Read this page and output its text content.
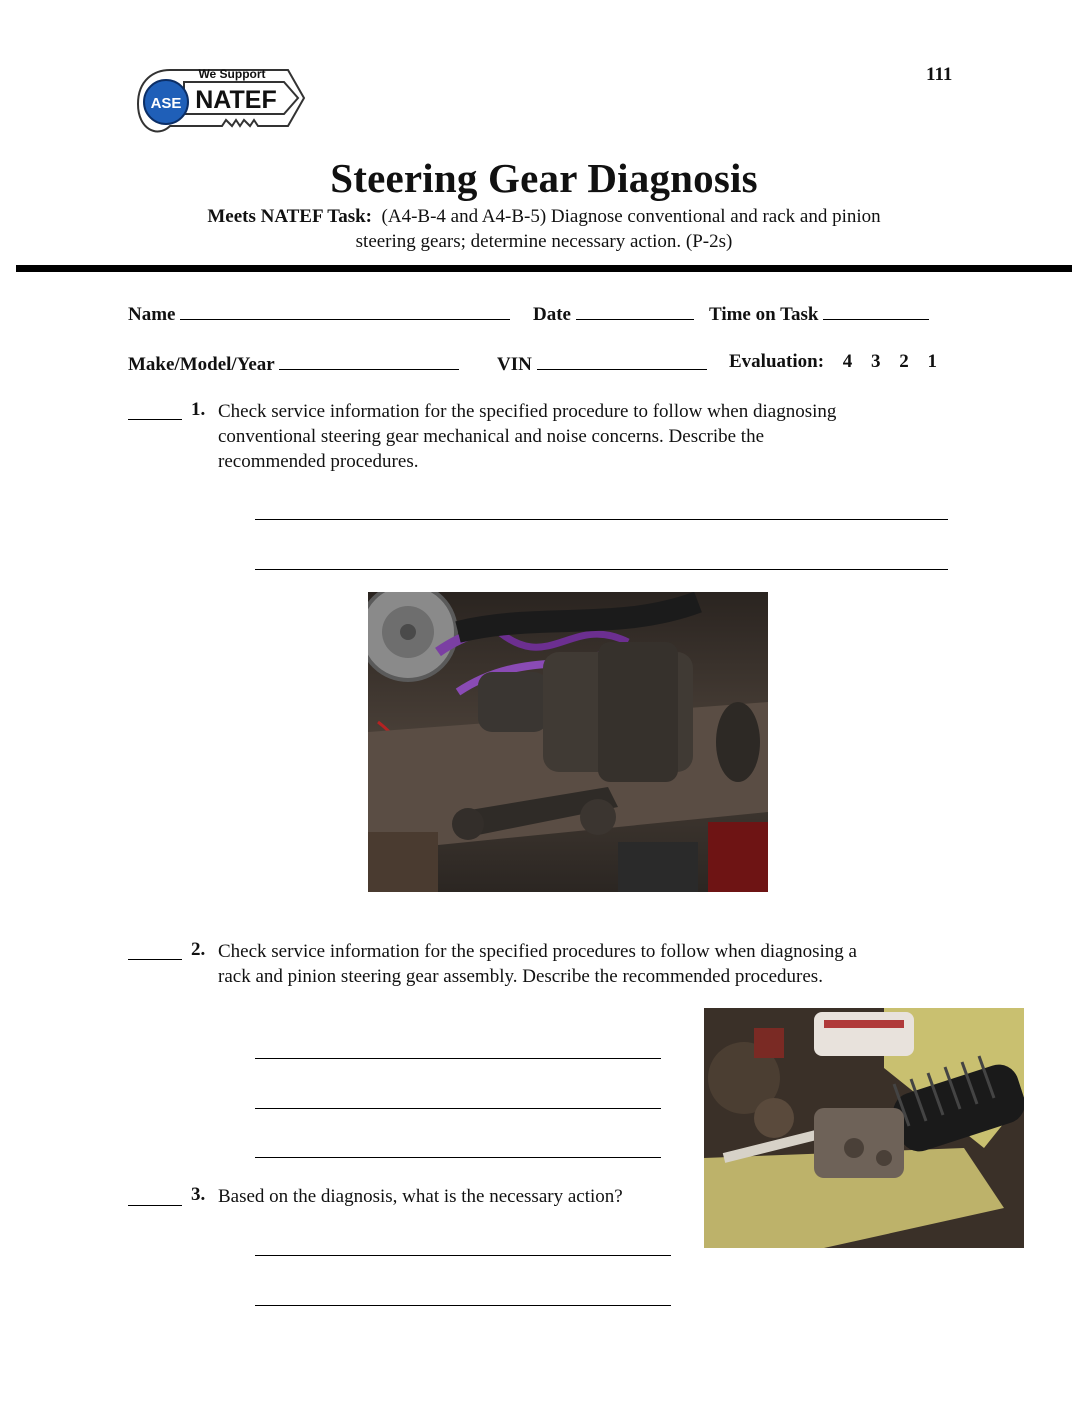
111
ASE
We Support
NATEF
Steering Gear Diagnosis
Meets NATEF Task: (A4-B-4 and A4-B-5) Diagnose conventional and rack and pinion
steering gears; determine necessary action. (P-2s)
Name	Date	Time on Task
Make/Model/Year	VIN	Evaluation: 4 3 2 1
1. Check service information for the specified procedure to follow when diagnosing
conventional steering gear mechanical and noise concerns. Describe the
recommended procedures.
2. Check service information for the specified procedures to follow when diagnosing a
rack and pinion steering gear assembly. Describe the recommended procedures.
3. Based on the diagnosis, what is the necessary action?
